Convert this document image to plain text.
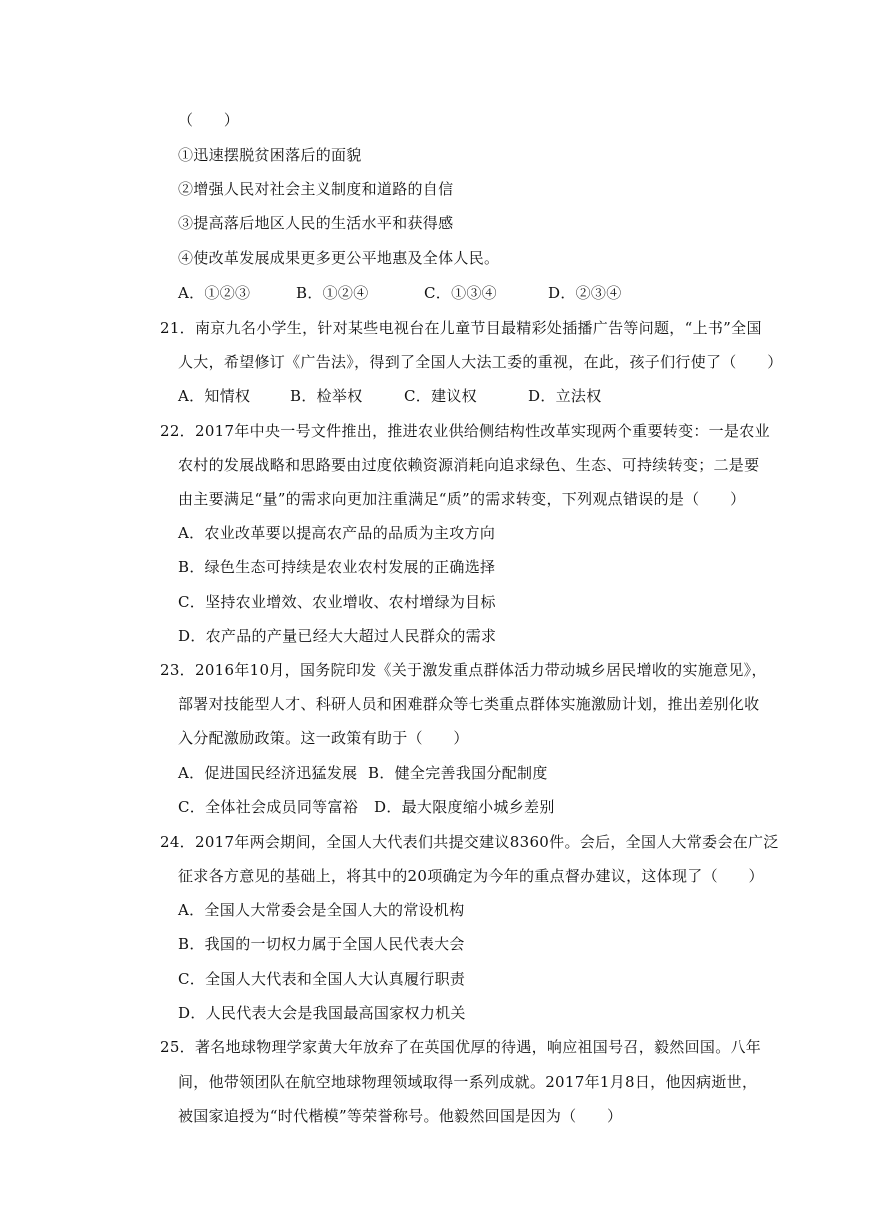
（　　）
①迅速摆脱贫困落后的面貌
②增强人民对社会主义制度和道路的自信
③提高落后地区人民的生活水平和获得感
④使改革发展成果更多更公平地惠及全体人民。
A．①②③	B．①②④	C．①③④	D．②③④
21．南京九名小学生，针对某些电视台在儿童节目最精彩处插播广告等问题，“上书”全国
人大，希望修订《广告法》，得到了全国人大法工委的重视，在此，孩子们行使了（　　）
A．知情权	B．检举权	C．建议权	D．立法权
22．2017年中央一号文件推出，推进农业供给侧结构性改革实现两个重要转变：一是农业
农村的发展战略和思路要由过度依赖资源消耗向追求绿色、生态、可持续转变；二是要
由主要满足“量”的需求向更加注重满足“质”的需求转变，下列观点错误的是（　　）
A．农业改革要以提高农产品的品质为主攻方向
B．绿色生态可持续是农业农村发展的正确选择
C．坚持农业增效、农业增收、农村增绿为目标
D．农产品的产量已经大大超过人民群众的需求
23．2016年10月，国务院印发《关于激发重点群体活力带动城乡居民增收的实施意见》，
部署对技能型人才、科研人员和困难群众等七类重点群体实施激励计划，推出差别化收
入分配激励政策。这一政策有助于（　　）
A．促进国民经济迅猛发展 B．健全完善我国分配制度
C．全体社会成员同等富裕 D．最大限度缩小城乡差别
24．2017年两会期间，全国人大代表们共提交建议8360件。会后，全国人大常委会在广泛
征求各方意见的基础上，将其中的20项确定为今年的重点督办建议，这体现了（　　）
A．全国人大常委会是全国人大的常设机构
B．我国的一切权力属于全国人民代表大会
C．全国人大代表和全国人大认真履行职责
D．人民代表大会是我国最高国家权力机关
25．著名地球物理学家黄大年放弃了在英国优厚的待遇，响应祖国号召，毅然回国。八年
间，他带领团队在航空地球物理领域取得一系列成就。2017年1月8日，他因病逝世，
被国家追授为“时代楷模”等荣誉称号。他毅然回国是因为（　　）
